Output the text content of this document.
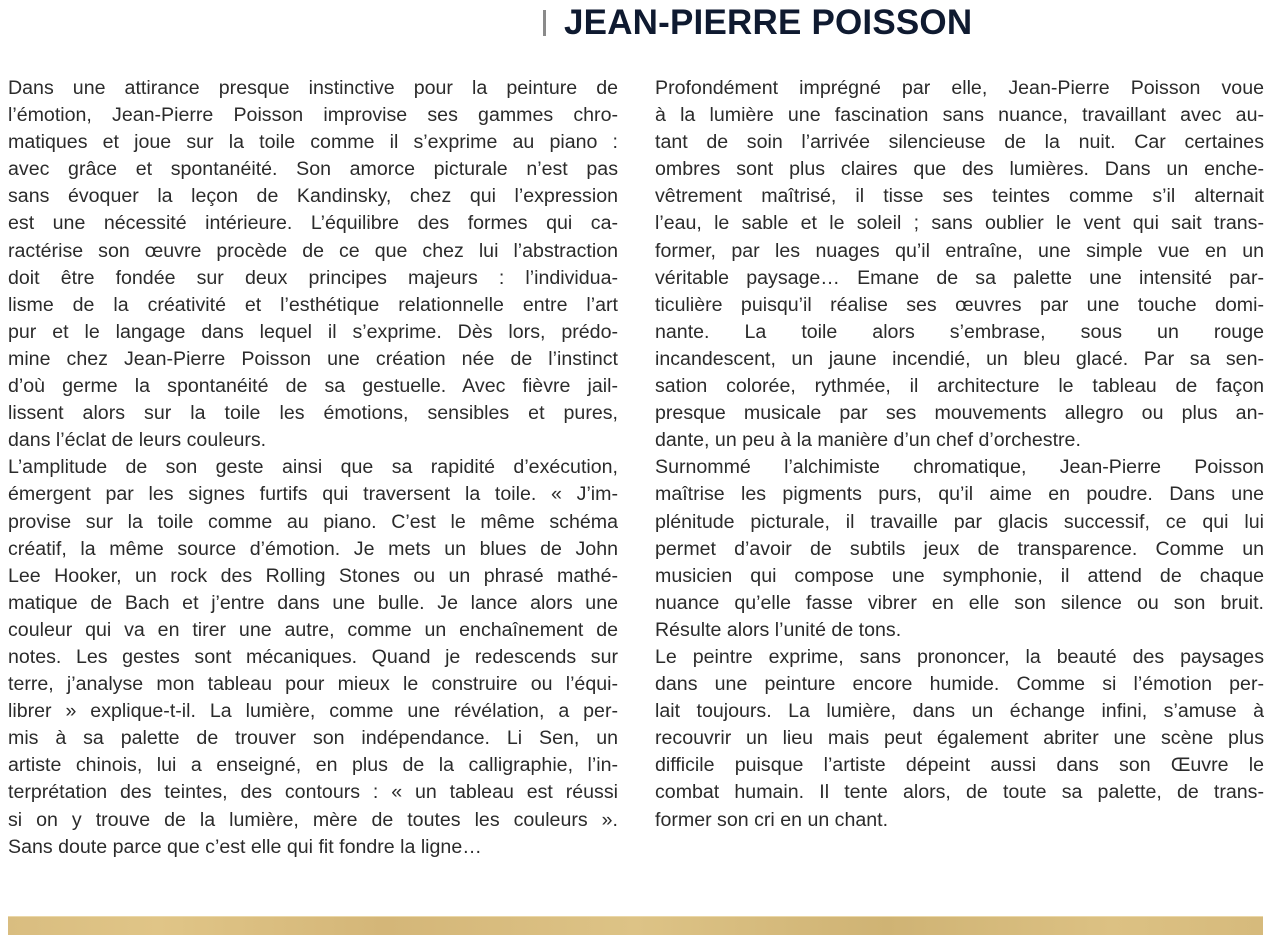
JEAN-PIERRE POISSON

Dans une attirance presque instinctive pour la peinture de
l’émotion, Jean-Pierre Poisson improvise ses gammes chro-
matiques et joue sur la toile comme il s’exprime au piano :
avec grâce et spontanéité. Son amorce picturale n’est pas
sans évoquer la leçon de Kandinsky, chez qui l’expression
est une nécessité intérieure. L’équilibre des formes qui ca-
ractérise son œuvre procède de ce que chez lui l’abstraction
doit être fondée sur deux principes majeurs : l’individua-
lisme de la créativité et l’esthétique relationnelle entre l’art
pur et le langage dans lequel il s’exprime. Dès lors, prédo-
mine chez Jean-Pierre Poisson une création née de l’instinct
d’où germe la spontanéité de sa gestuelle. Avec fièvre jail-
lissent alors sur la toile les émotions, sensibles et pures,
dans l’éclat de leurs couleurs.

L’amplitude de son geste ainsi que sa rapidité d’exécution,
émergent par les signes furtifs qui traversent la toile. « J’im-
provise sur la toile comme au piano. C’est le même schéma
créatif, la même source d’émotion. Je mets un blues de John
Lee Hooker, un rock des Rolling Stones ou un phrasé mathé-
matique de Bach et j’entre dans une bulle. Je lance alors une
couleur qui va en tirer une autre, comme un enchaînement de
notes. Les gestes sont mécaniques. Quand je redescends sur
terre, j’analyse mon tableau pour mieux le construire ou l’équi-
librer » explique-t-il. La lumière, comme une révélation, a per-
mis à sa palette de trouver son indépendance. Li Sen, un
artiste chinois, lui a enseigné, en plus de la calligraphie, l’in-
terprétation des teintes, des contours : « un tableau est réussi
si on y trouve de la lumière, mère de toutes les couleurs ».
Sans doute parce que c’est elle qui fit fondre la ligne…

Profondément imprégné par elle, Jean-Pierre Poisson voue
à la lumière une fascination sans nuance, travaillant avec au-
tant de soin l’arrivée silencieuse de la nuit. Car certaines
ombres sont plus claires que des lumières. Dans un enche-
vêtrement maîtrisé, il tisse ses teintes comme s’il alternait
l’eau, le sable et le soleil ; sans oublier le vent qui sait trans-
former, par les nuages qu’il entraîne, une simple vue en un
véritable paysage… Emane de sa palette une intensité par-
ticulière puisqu’il réalise ses œuvres par une touche domi-
nante. La toile alors s’embrase, sous un rouge
incandescent, un jaune incendié, un bleu glacé. Par sa sen-
sation colorée, rythmée, il architecture le tableau de façon
presque musicale par ses mouvements allegro ou plus an-
dante, un peu à la manière d’un chef d’orchestre.

Surnommé l’alchimiste chromatique, Jean-Pierre Poisson
maîtrise les pigments purs, qu’il aime en poudre. Dans une
plénitude picturale, il travaille par glacis successif, ce qui lui
permet d’avoir de subtils jeux de transparence. Comme un
musicien qui compose une symphonie, il attend de chaque
nuance qu’elle fasse vibrer en elle son silence ou son bruit.
Résulte alors l’unité de tons.

Le peintre exprime, sans prononcer, la beauté des paysages
dans une peinture encore humide. Comme si l’émotion per-
lait toujours. La lumière, dans un échange infini, s’amuse à
recouvrir un lieu mais peut également abriter une scène plus
difficile puisque l’artiste dépeint aussi dans son Œuvre le
combat humain. Il tente alors, de toute sa palette, de trans-
former son cri en un chant.
